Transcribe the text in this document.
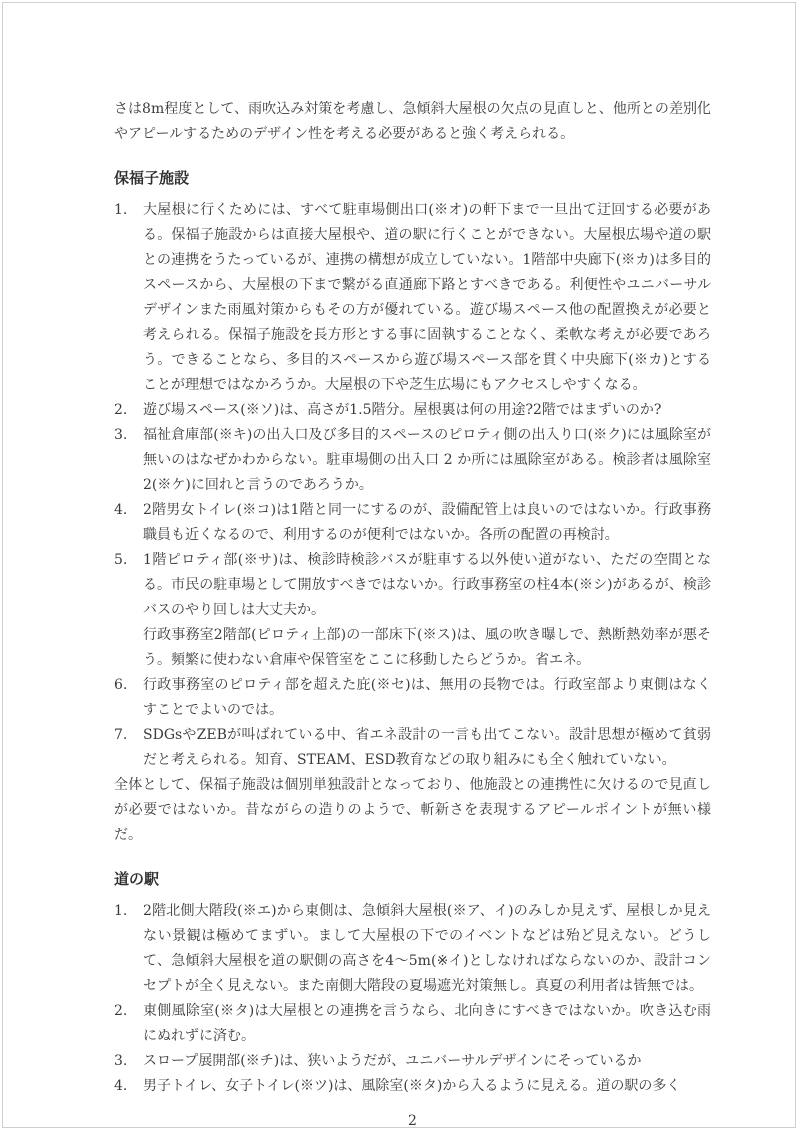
さは8m程度として、雨吹込み対策を考慮し、急傾斜大屋根の欠点の見直しと、他所との差別化やアピールするためのデザイン性を考える必要があると強く考えられる。

保福子施設
1.	大屋根に行くためには、すべて駐車場側出口(※オ)の軒下まで一旦出て迂回する必要がある。保福子施設からは直接大屋根や、道の駅に行くことができない。大屋根広場や道の駅との連携をうたっているが、連携の構想が成立していない。1階部中央廊下(※カ)は多目的スペースから、大屋根の下まで繋がる直通廊下路とすべきである。利便性やユニバーサルデザインまた雨風対策からもその方が優れている。遊び場スペース他の配置換えが必要と考えられる。保福子施設を長方形とする事に固執することなく、柔軟な考えが必要であろう。できることなら、多目的スペースから遊び場スペース部を貫く中央廊下(※カ)とすることが理想ではなかろうか。大屋根の下や芝生広場にもアクセスしやすくなる。

2.	遊び場スペース(※ソ)は、高さが1.5階分。屋根裏は何の用途?2階ではまずいのか?

3.	福祉倉庫部(※キ)の出入口及び多目的スペースのピロティ側の出入り口(※ク)には風除室が無いのはなぜかわからない。駐車場側の出入口 2 か所には風除室がある。検診者は風除室2(※ケ)に回れと言うのであろうか。

4.	2階男女トイレ(※コ)は1階と同一にするのが、設備配管上は良いのではないか。行政事務職員も近くなるので、利用するのが便利ではないか。各所の配置の再検討。

5.	1階ピロティ部(※サ)は、検診時検診バスが駐車する以外使い道がない、ただの空間となる。市民の駐車場として開放すべきではないか。行政事務室の柱4本(※シ)があるが、検診バスのやり回しは大丈夫か。

行政事務室2階部(ピロティ上部)の一部床下(※ス)は、風の吹き曝しで、熱断熱効率が悪そう。頻繁に使わない倉庫や保管室をここに移動したらどうか。省エネ。

6.	行政事務室のピロティ部を超えた庇(※セ)は、無用の長物では。行政室部より東側はなくすことでよいのでは。

7.	SDGsやZEBが叫ばれている中、省エネ設計の一言も出てこない。設計思想が極めて貧弱だと考えられる。知育、STEAM、ESD教育などの取り組みにも全く触れていない。

全体として、保福子施設は個別単独設計となっており、他施設との連携性に欠けるので見直しが必要ではないか。昔ながらの造りのようで、斬新さを表現するアピールポイントが無い様だ。

道の駅
1.	2階北側大階段(※エ)から東側は、急傾斜大屋根(※ア、イ)のみしか見えず、屋根しか見えない景観は極めてまずい。まして大屋根の下でのイベントなどは殆ど見えない。どうして、急傾斜大屋根を道の駅側の高さを4〜5m(※イ)としなければならないのか、設計コンセプトが全く見えない。また南側大階段の夏場遮光対策無し。真夏の利用者は皆無では。

2.	東側風除室(※タ)は大屋根との連携を言うなら、北向きにすべきではないか。吹き込む雨にぬれずに済む。

3.	スロープ展開部(※チ)は、狭いようだが、ユニバーサルデザインにそっているか

4.	男子トイレ、女子トイレ(※ツ)は、風除室(※タ)から入るように見える。道の駅の多く

2
